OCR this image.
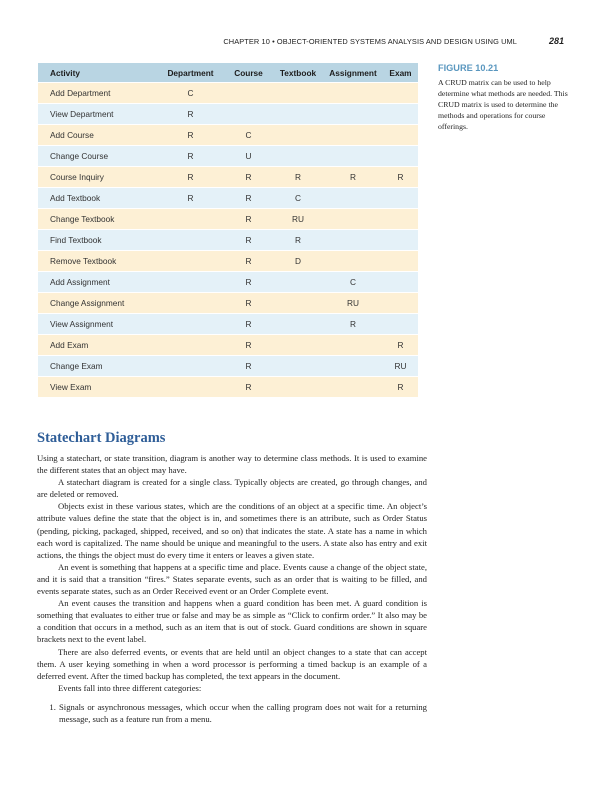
CHAPTER 10 • OBJECT-ORIENTED SYSTEMS ANALYSIS AND DESIGN USING UML	281
Activity	Department	Course	Textbook	Assignment	Exam
Add Department	C				
View Department	R				
Add Course	R	C			
Change Course	R	U			
Course Inquiry	R	R	R	R	R
Add Textbook	R	R	C		
Change Textbook		R	RU		
Find Textbook		R	R		
Remove Textbook		R	D		
Add Assignment		R		C	
Change Assignment		R		RU	
View Assignment		R		R	
Add Exam		R			R
Change Exam		R			RU
View Exam		R			R
FIGURE 10.21
A CRUD matrix can be used to help determine what methods are needed. This CRUD matrix is used to determine the methods and operations for course offerings.
Statechart Diagrams

Using a statechart, or state transition, diagram is another way to determine class methods. It is used to examine the different states that an object may have.

A statechart diagram is created for a single class. Typically objects are created, go through changes, and are deleted or removed.

Objects exist in these various states, which are the conditions of an object at a specific time. An object’s attribute values define the state that the object is in, and sometimes there is an attribute, such as Order Status (pending, picking, packaged, shipped, received, and so on) that indicates the state. A state has a name in which each word is capitalized. The name should be unique and meaningful to the users. A state also has entry and exit actions, the things the object must do every time it enters or leaves a given state.

An event is something that happens at a specific time and place. Events cause a change of the object state, and it is said that a transition “fires.” States separate events, such as an order that is waiting to be filled, and events separate states, such as an Order Received event or an Order Complete event.

An event causes the transition and happens when a guard condition has been met. A guard condition is something that evaluates to either true or false and may be as simple as “Click to confirm order.” It also may be a condition that occurs in a method, such as an item that is out of stock. Guard conditions are shown in square brackets next to the event label.

There are also deferred events, or events that are held until an object changes to a state that can accept them. A user keying something in when a word processor is performing a timed backup is an example of a deferred event. After the timed backup has completed, the text appears in the document.

Events fall into three different categories:

1. Signals or asynchronous messages, which occur when the calling program does not wait for a returning message, such as a feature run from a menu.
